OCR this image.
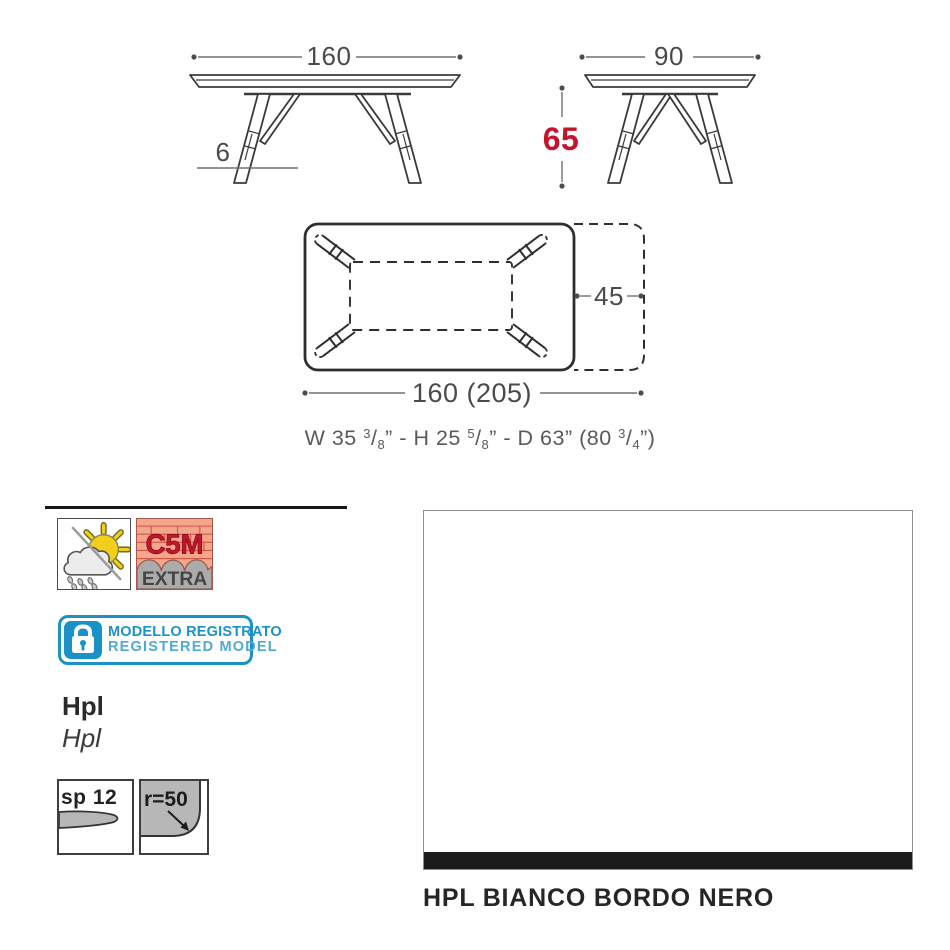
160
6
90
65
45
160 (205)
W 35 $^3/_8$” - H 25 $^5/_8$” - D 63” (80 $^3/_4$”)
C5M
EXTRA
MODELLO REGISTRATO
REGISTERED MODEL
Hpl
Hpl
sp 12 r=50
HPL BIANCO BORDO NERO
